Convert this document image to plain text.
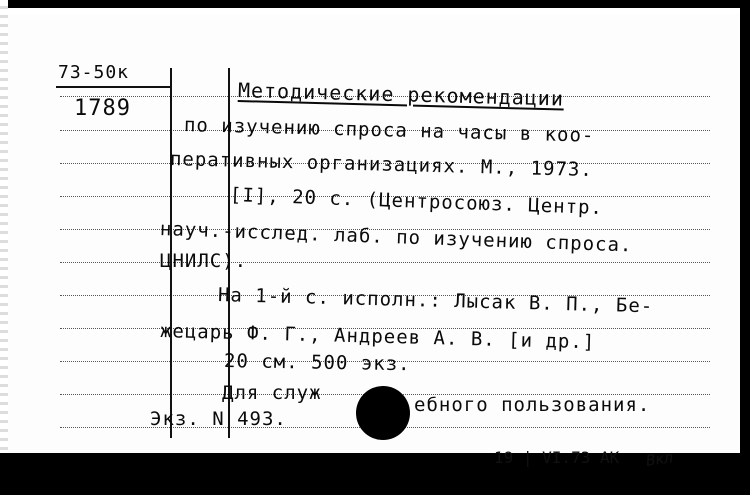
73-50к
1789	Методические рекомендации
по изучению спроса на часы в коо-
перативных организациях. М., 1973.
[I], 20 с. (Центросоюз. Центр.
науч.-исслед. лаб. по изучению спроса.
ЦНИЛС).
На 1-й с. исполн.: Лысак В. П., Бе-
жецарь Ф. Г., Андреев А. В. [и др.]
20 см. 500 экз.
Для служ
ебного пользования.
Экз. N 493.
19 | VI.73 AK Вкл
